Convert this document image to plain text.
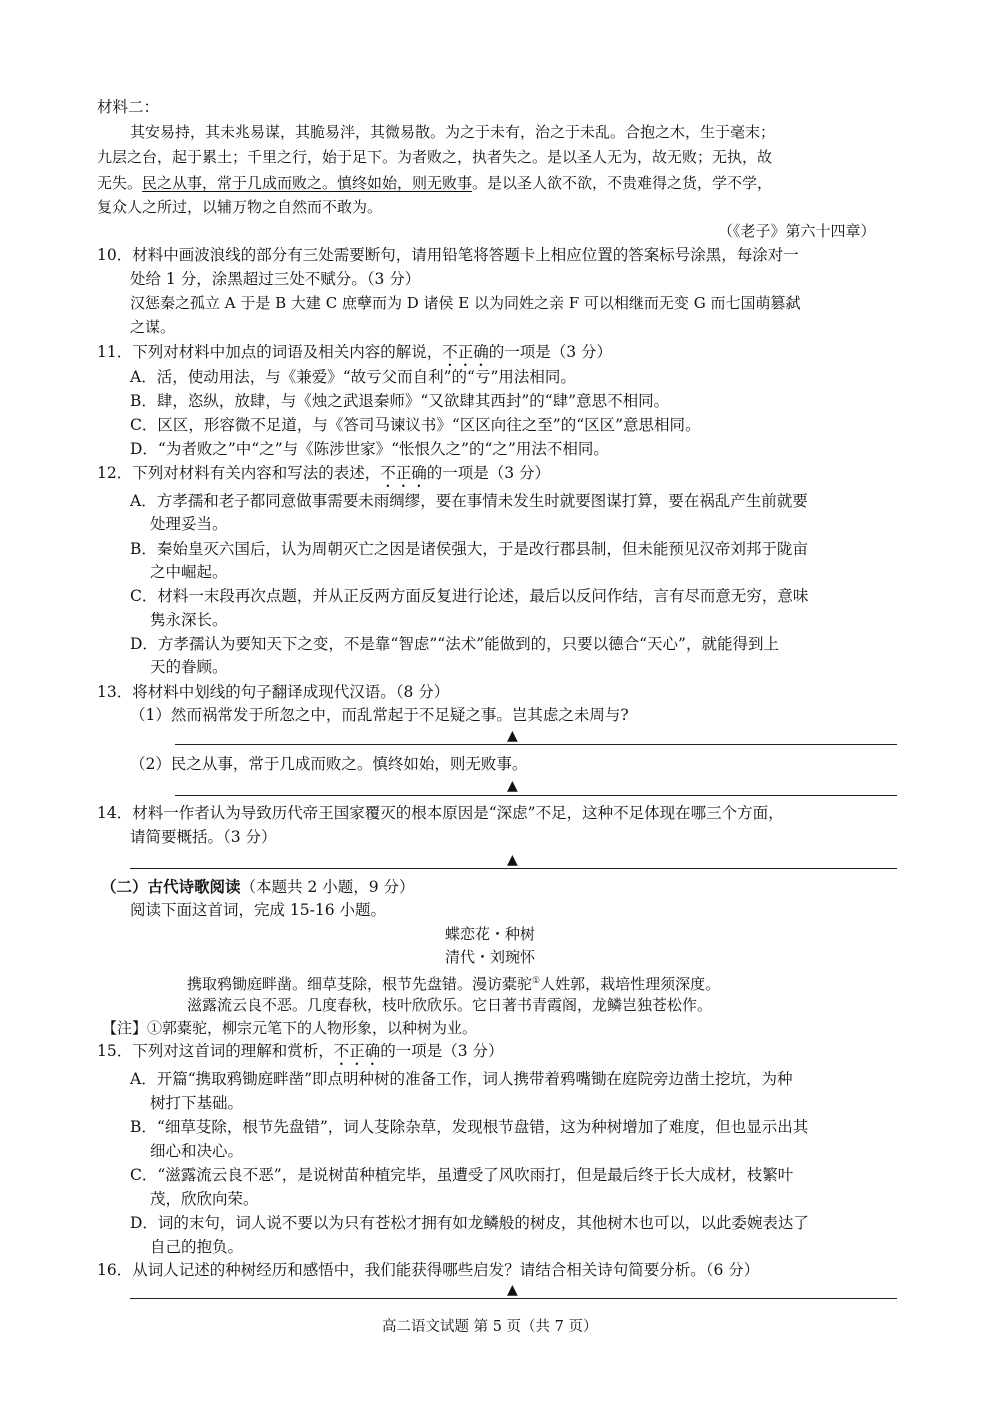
材料二：
其安易持，其未兆易谋，其脆易泮，其微易散。为之于未有，治之于未乱。合抱之木，生于毫末；
九层之台，起于累土；千里之行，始于足下。为者败之，执者失之。是以圣人无为，故无败；无执，故
无失。民之从事，常于几成而败之。慎终如始，则无败事。是以圣人欲不欲，不贵难得之货，学不学，
复众人之所过，以辅万物之自然而不敢为。
（《老子》第六十四章）
10．材料中画波浪线的部分有三处需要断句，请用铅笔将答题卡上相应位置的答案标号涂黑，每涂对一
处给 1 分，涂黑超过三处不赋分。（3 分）
汉惩秦之孤立 A 于是 B 大建 C 庶孽而为 D 诸侯 E 以为同姓之亲 F 可以相继而无变 G 而七国萌篡弑
之谋。
11．下列对材料中加点的词语及相关内容的解说，不正确的一项是（3 分）
A．活，使动用法，与《兼爱》“故亏父而自利”的“亏”用法相同。
B．肆，恣纵，放肆，与《烛之武退秦师》“又欲肆其西封”的“肆”意思不相同。
C．区区，形容微不足道，与《答司马谏议书》“区区向往之至”的“区区”意思相同。
D．“为者败之”中“之”与《陈涉世家》“怅恨久之”的“之”用法不相同。
12．下列对材料有关内容和写法的表述，不正确的一项是（3 分）
A．方孝孺和老子都同意做事需要未雨绸缪，要在事情未发生时就要图谋打算，要在祸乱产生前就要
处理妥当。
B．秦始皇灭六国后，认为周朝灭亡之因是诸侯强大，于是改行郡县制，但未能预见汉帝刘邦于陇亩
之中崛起。
C．材料一末段再次点题，并从正反两方面反复进行论述，最后以反问作结，言有尽而意无穷，意味
隽永深长。
D．方孝孺认为要知天下之变，不是靠“智虑”“法术”能做到的，只要以德合“天心”，就能得到上
天的眷顾。
13．将材料中划线的句子翻译成现代汉语。（8 分）
（1）然而祸常发于所忽之中，而乱常起于不足疑之事。岂其虑之未周与?
▲
（2）民之从事，常于几成而败之。慎终如始，则无败事。
▲
14．材料一作者认为导致历代帝王国家覆灭的根本原因是“深虑”不足，这种不足体现在哪三个方面，
请简要概括。（3 分）
▲
（二）古代诗歌阅读（本题共 2 小题，9 分）
阅读下面这首词，完成 15-16 小题。
蝶恋花・种树
清代・刘琬怀
携取鸦锄庭畔凿。细草芟除，根节先盘错。漫访橐驼①人姓郭，栽培性理须深度。
滋露流云良不恶。几度春秋，枝叶欣欣乐。它日著书青霞阁，龙鳞岂独苍松作。
【注】①郭橐驼，柳宗元笔下的人物形象，以种树为业。
15．下列对这首词的理解和赏析，不正确的一项是（3 分）
A．开篇“携取鸦锄庭畔凿”即点明种树的准备工作，词人携带着鸦嘴锄在庭院旁边凿土挖坑，为种
树打下基础。
B．“细草芟除，根节先盘错”，词人芟除杂草，发现根节盘错，这为种树增加了难度，但也显示出其
细心和决心。
C．“滋露流云良不恶”，是说树苗种植完毕，虽遭受了风吹雨打，但是最后终于长大成材，枝繁叶
茂，欣欣向荣。
D．词的末句，词人说不要以为只有苍松才拥有如龙鳞般的树皮，其他树木也可以，以此委婉表达了
自己的抱负。
16．从词人记述的种树经历和感悟中，我们能获得哪些启发？请结合相关诗句简要分析。（6 分）
▲
高二语文试题 第 5 页（共 7 页）
